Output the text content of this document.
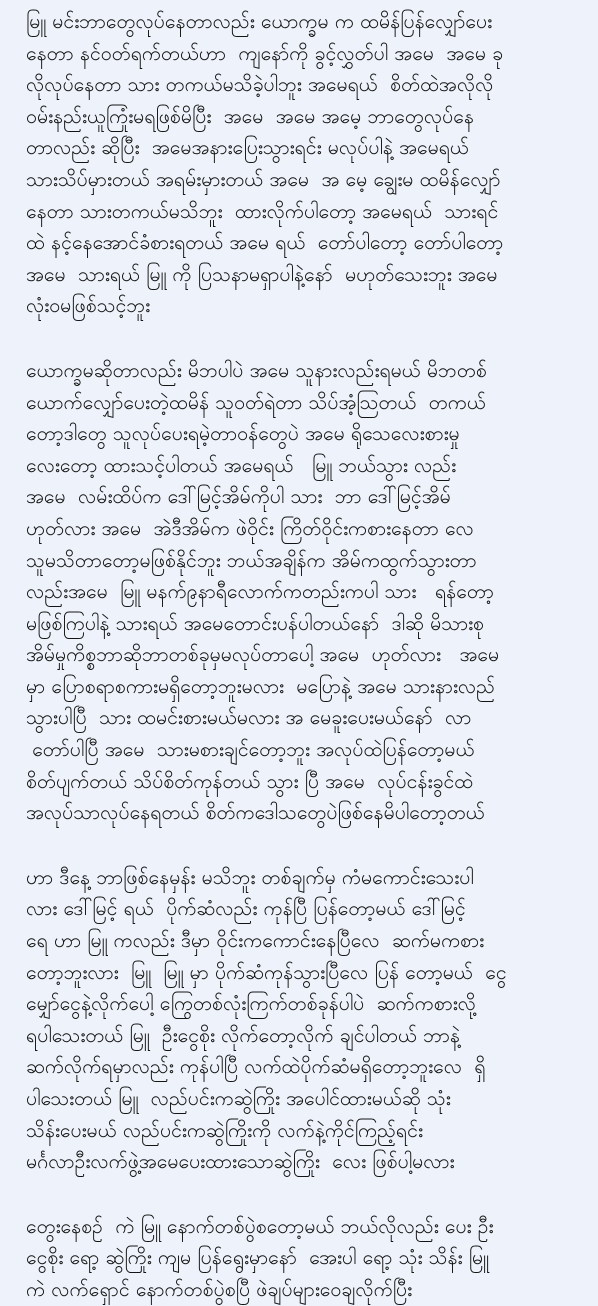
မြူ မင်းဘာတွေလုပ်နေတာလည်း ယောက္ခမ က ထမိန်ပြန်လျှော်ပေး
နေတာ နင်ဝတ်ရက်တယ်ဟာ  ကျနော်ကို ခွင့်လွှတ်ပါ အမေ  အမေ ခု
လိုလုပ်နေတာ သား တကယ်မသိခဲ့ပါဘူး အမေရယ်  စိတ်ထဲအလိုလို
ဝမ်းနည်းယူကြုံးမရဖြစ်မိပြီး  အမေ  အမေ အမေ့ ဘာတွေလုပ်နေ
တာလည်း ဆိုပြီး  အမေအနားပြေးသွားရင်း မလုပ်ပါနဲ့ အမေရယ်
သားသိပ်မှားတယ် အရမ်းမှားတယ် အမေ  အ မေ့ ချွေးမ ထမိန်လျှော်
နေတာ သားတကယ်မသိဘူး  ထားလိုက်ပါတော့ အမေရယ်  သားရင်
ထဲ နင့်နေအောင်ခံစားရတယ် အမေ ရယ်  တော်ပါတော့ တော်ပါတော့
အမေ  သားရယ် မြူ ကို ပြသနာမရှာပါနဲ့နော်  မဟုတ်သေးဘူး အမေ
လုံးဝမဖြစ်သင့်ဘူး

ယောက္ခမဆိုတာလည်း မိဘပါပဲ အမေ သူနားလည်းရမယ် မိဘတစ်
ယောက်လျှော်ပေးတဲ့ထမိန် သူဝတ်ရဲတာ သိပ်အံ့သြတယ်  တကယ်
တော့ဒါတွေ သူလုပ်ပေးရမဲ့တာဝန်တွေပဲ အမေ ရိုသေလေးစားမှု
လေးတော့ ထားသင့်ပါတယ် အမေရယ်   မြူ ဘယ်သွား လည်း
အမေ  လမ်းထိပ်က ဒေါ်မြင့်အိမ်ကိုပါ သား  ဘာ ဒေါ်မြင့်အိမ်
ဟုတ်လား အမေ  အဲဒီအိမ်က ဖဲဝိုင်း ကြိတ်ဝိုင်းကစားနေတာ လေ
သူမသိတာတော့မဖြစ်နိုင်ဘူး ဘယ်အချိန်က အိမ်ကထွက်သွားတာ
လည်းအမေ  မြူ မနက်၉နာရီလောက်ကတည်းကပါ သား   ရန်တော့
မဖြစ်ကြပါနဲ့ သားရယ် အမေတောင်းပန်ပါတယ်နော်  ဒါဆို မိသားစု
အိမ်မှုကိစ္စဘာဆိုဘာတစ်ခုမှမလုပ်တာပေါ့ အမေ  ဟုတ်လား   အမေ
မှာ ပြောစရာစကားမရှိတော့ဘူးမလား  မပြောနဲ့ အမေ သားနားလည်
သွားပါပြီ  သား ထမင်းစားမယ်မလား အ မေခူးပေးမယ်နော်  လာ
တော်ပါပြီ အမေ  သားမစားချင်တော့ဘူး အလုပ်ထဲပြန်တော့မယ်
စိတ်ပျက်တယ် သိပ်စိတ်ကုန်တယ် သွား ပြီ အမေ  လုပ်ငန်းခွင်ထဲ
အလုပ်သာလုပ်နေရတယ် စိတ်ကဒေါသတွေပဲဖြစ်နေမိပါတော့တယ်

ဟာ ဒီနေ့ ဘာဖြစ်နေမှန်း မသိဘူး တစ်ချက်မှ ကံမကောင်းသေးပါ
လား ဒေါ်မြင့် ရယ်  ပိုက်ဆံလည်း ကုန်ပြီ ပြန်တော့မယ် ဒေါ်မြင့်
ရေ ဟာ မြူ ကလည်း ဒီမှာ ဝိုင်းကကောင်းနေပြီလေ  ဆက်မကစား
တော့ဘူးလား  မြူ  မြူ မှာ ပိုက်ဆံကုန်သွားပြီလေ ပြန် တော့မယ်  ငွေ
မျှော်ငွေနဲ့လိုက်ပေါ့ ကြွေတစ်လုံးကြက်တစ်ခုန်ပါပဲ  ဆက်ကစားလို့
ရပါသေးတယ် မြူ  ဦးငွေစိုး လိုက်တော့လိုက် ချင်ပါတယ် ဘာနဲ့
ဆက်လိုက်ရမှာလည်း ကုန်ပါပြီ လက်ထဲပိုက်ဆံမရှိတော့ဘူးလေ  ရှိ
ပါသေးတယ် မြူ  လည်ပင်းကဆွဲကြိုး အပေါင်ထားမယ်ဆို သုံး
သိန်းပေးမယ် လည်ပင်းကဆွဲကြိုးကို လက်နဲ့ကိုင်ကြည့်ရင်း
မင်္ဂလာဦးလက်ဖွဲ့အမေပေးထားသောဆွဲကြိုး  လေး ဖြစ်ပါ့မလား

တွေးနေစဉ်  ကဲ မြူ နောက်တစ်ပွဲစတော့မယ် ဘယ်လိုလည်း ပေး ဦး
ငွေစိုး ရော့ ဆွဲကြိုး ကျမ ပြန်ရွေးမှာနော်  အေးပါ ရော့ သုံး သိန်း မြူ
ကဲ လက်ရှောင် နောက်တစ်ပွဲစပြီ ဖဲချပ်များဝေချလိုက်ပြီး
